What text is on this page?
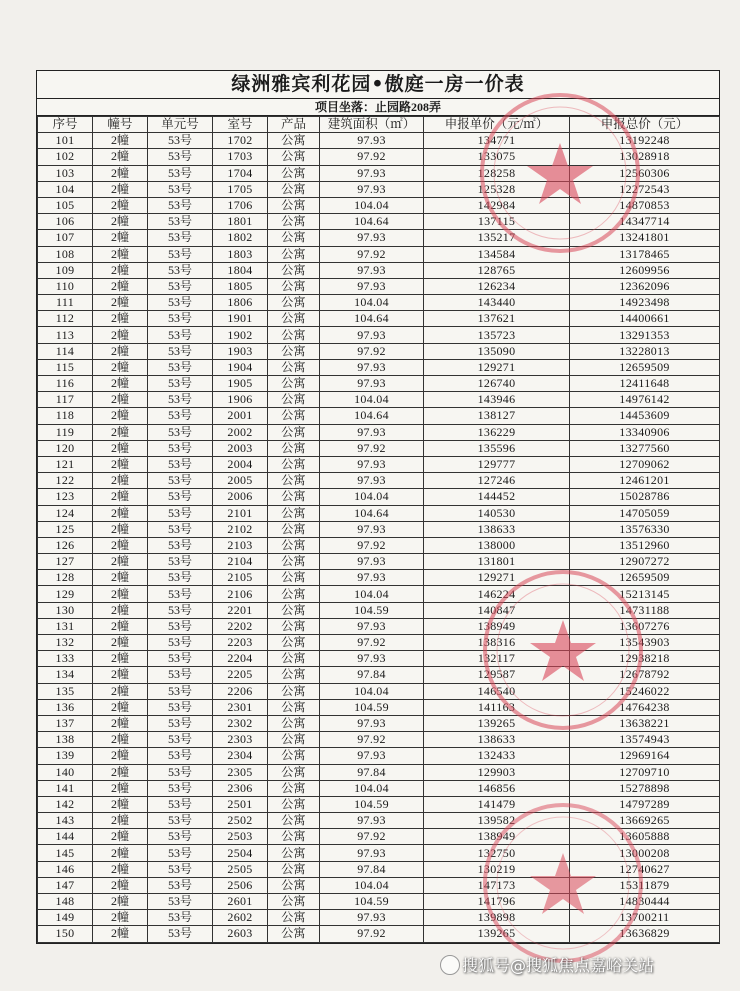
绿洲雅宾利花园•傲庭一房一价表
项目坐落：止园路208弄
序号	幢号	单元号	室号	产品	建筑面积（㎡）	申报单价（元/㎡）	申报总价（元）
101	2幢	53号	1702	公寓	97.93	134771	13192248
102	2幢	53号	1703	公寓	97.92	133075	13028918
103	2幢	53号	1704	公寓	97.93	128258	12560306
104	2幢	53号	1705	公寓	97.93	125328	12272543
105	2幢	53号	1706	公寓	104.04	142984	14870853
106	2幢	53号	1801	公寓	104.64	137115	14347714
107	2幢	53号	1802	公寓	97.93	135217	13241801
108	2幢	53号	1803	公寓	97.92	134584	13178465
109	2幢	53号	1804	公寓	97.93	128765	12609956
110	2幢	53号	1805	公寓	97.93	126234	12362096
111	2幢	53号	1806	公寓	104.04	143440	14923498
112	2幢	53号	1901	公寓	104.64	137621	14400661
113	2幢	53号	1902	公寓	97.93	135723	13291353
114	2幢	53号	1903	公寓	97.92	135090	13228013
115	2幢	53号	1904	公寓	97.93	129271	12659509
116	2幢	53号	1905	公寓	97.93	126740	12411648
117	2幢	53号	1906	公寓	104.04	143946	14976142
118	2幢	53号	2001	公寓	104.64	138127	14453609
119	2幢	53号	2002	公寓	97.93	136229	13340906
120	2幢	53号	2003	公寓	97.92	135596	13277560
121	2幢	53号	2004	公寓	97.93	129777	12709062
122	2幢	53号	2005	公寓	97.93	127246	12461201
123	2幢	53号	2006	公寓	104.04	144452	15028786
124	2幢	53号	2101	公寓	104.64	140530	14705059
125	2幢	53号	2102	公寓	97.93	138633	13576330
126	2幢	53号	2103	公寓	97.92	138000	13512960
127	2幢	53号	2104	公寓	97.93	131801	12907272
128	2幢	53号	2105	公寓	97.93	129271	12659509
129	2幢	53号	2106	公寓	104.04	146224	15213145
130	2幢	53号	2201	公寓	104.59	140847	14731188
131	2幢	53号	2202	公寓	97.93	138949	13607276
132	2幢	53号	2203	公寓	97.92	138316	13543903
133	2幢	53号	2204	公寓	97.93	132117	12938218
134	2幢	53号	2205	公寓	97.84	129587	12678792
135	2幢	53号	2206	公寓	104.04	146540	15246022
136	2幢	53号	2301	公寓	104.59	141163	14764238
137	2幢	53号	2302	公寓	97.93	139265	13638221
138	2幢	53号	2303	公寓	97.92	138633	13574943
139	2幢	53号	2304	公寓	97.93	132433	12969164
140	2幢	53号	2305	公寓	97.84	129903	12709710
141	2幢	53号	2306	公寓	104.04	146856	15278898
142	2幢	53号	2501	公寓	104.59	141479	14797289
143	2幢	53号	2502	公寓	97.93	139582	13669265
144	2幢	53号	2503	公寓	97.92	138949	13605888
145	2幢	53号	2504	公寓	97.93	132750	13000208
146	2幢	53号	2505	公寓	97.84	130219	12740627
147	2幢	53号	2506	公寓	104.04	147173	15311879
148	2幢	53号	2601	公寓	104.59	141796	14830444
149	2幢	53号	2602	公寓	97.93	139898	13700211
150	2幢	53号	2603	公寓	97.92	139265	13636829
搜狐号@搜狐焦点嘉峪关站
